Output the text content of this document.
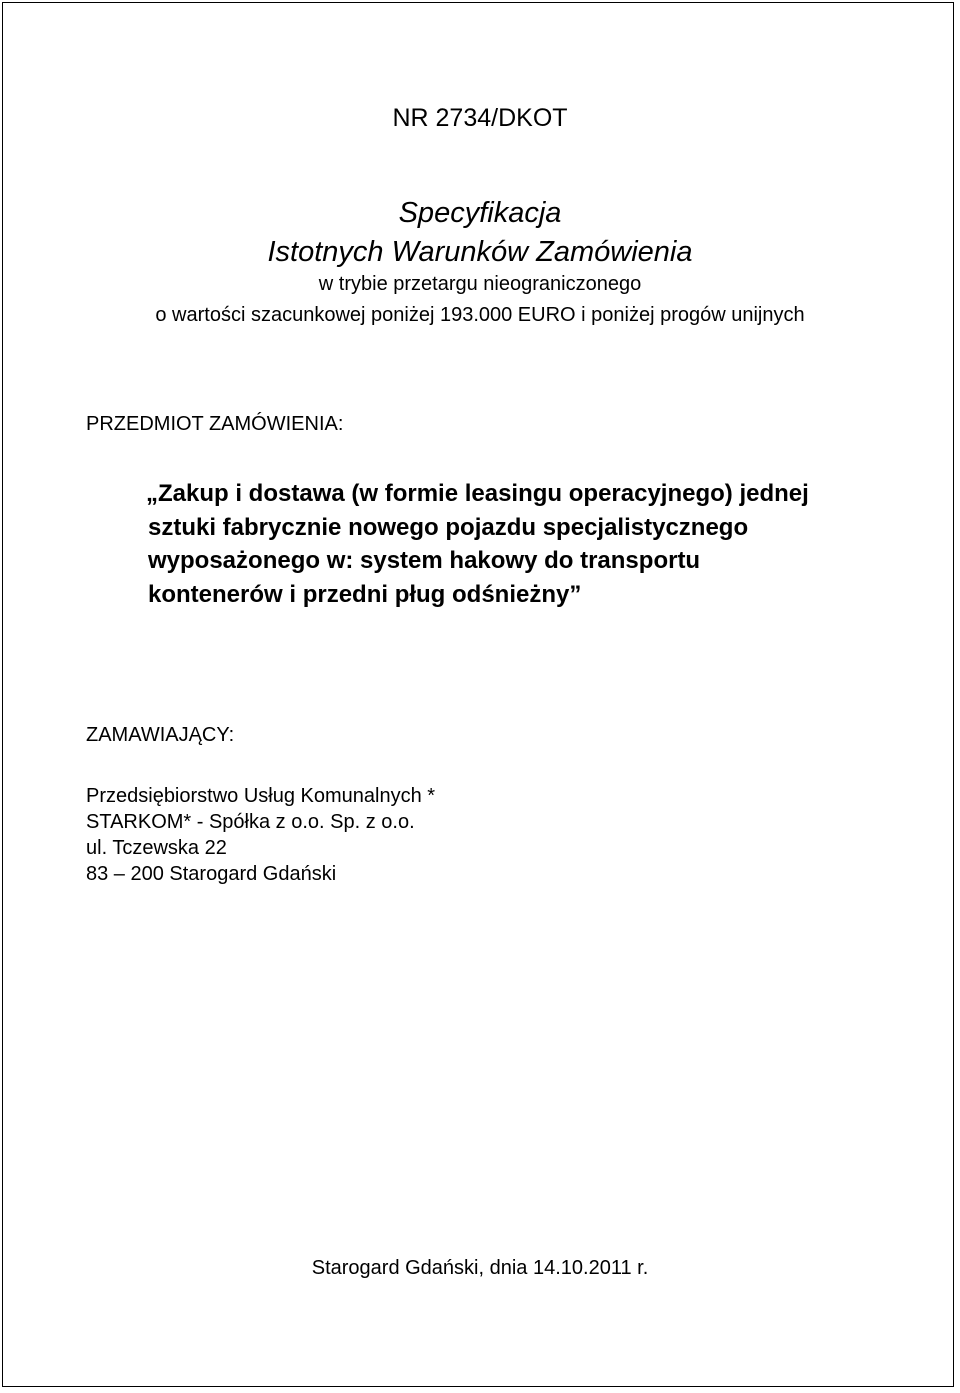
NR 2734/DKOT
Specyfikacja
Istotnych Warunków Zamówienia
w trybie przetargu nieograniczonego
o wartości szacunkowej poniżej 193.000 EURO i poniżej progów unijnych
PRZEDMIOT ZAMÓWIENIA:
„Zakup i dostawa (w formie leasingu operacyjnego) jednej
sztuki fabrycznie nowego pojazdu specjalistycznego
wyposażonego w: system hakowy do transportu
kontenerów i przedni pług odśnieżny”
ZAMAWIAJĄCY:
Przedsiębiorstwo Usług Komunalnych *
STARKOM* - Spółka z o.o. Sp. z o.o.
ul. Tczewska 22
83 – 200 Starogard Gdański
Starogard Gdański, dnia 14.10.2011 r.
